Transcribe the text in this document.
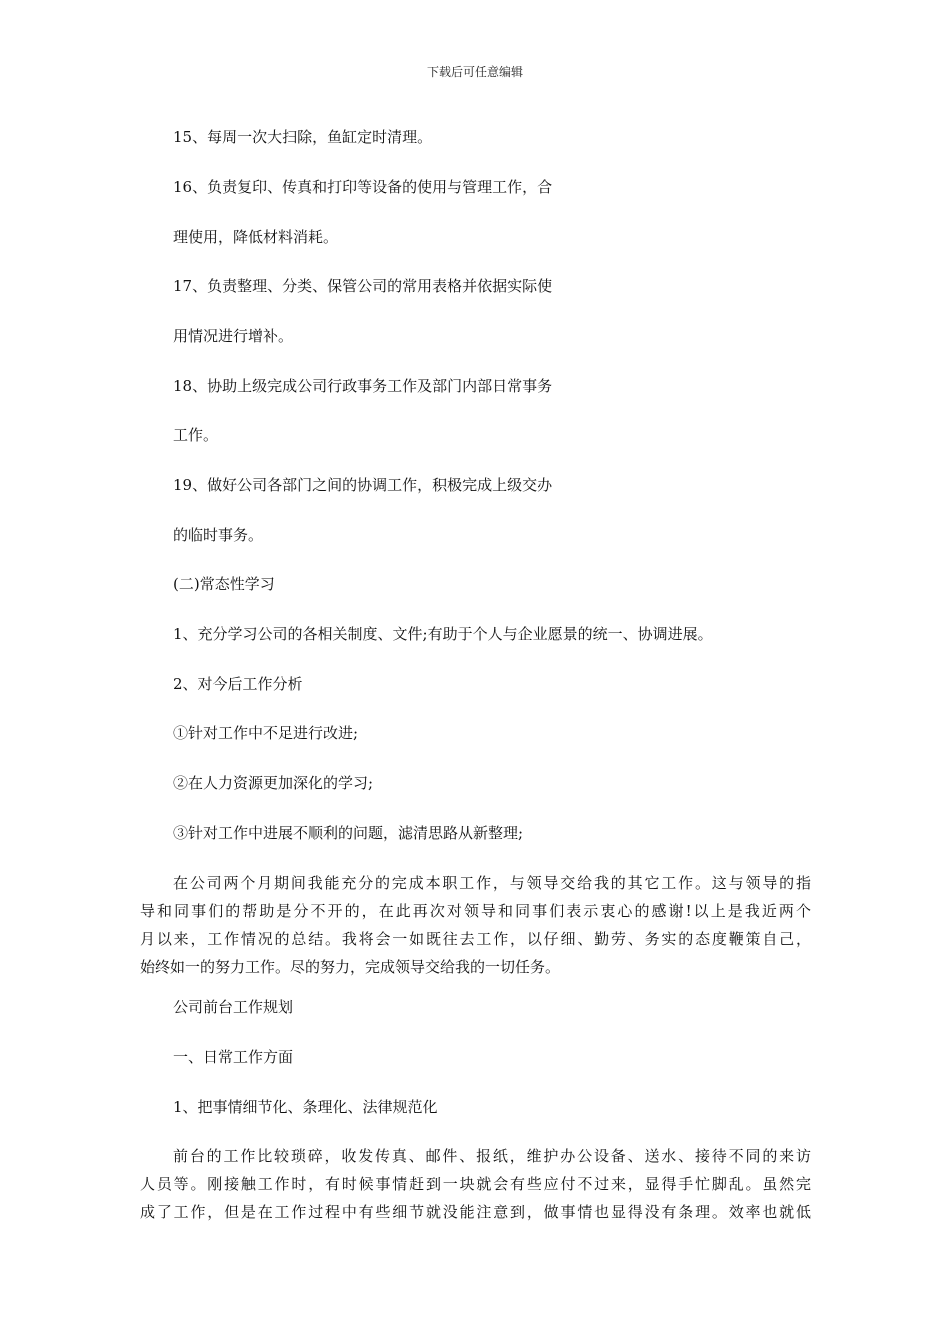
下载后可任意编辑
15、每周一次大扫除，鱼缸定时清理。
16、负责复印、传真和打印等设备的使用与管理工作，合
理使用，降低材料消耗。
17、负责整理、分类、保管公司的常用表格并依据实际使
用情况进行增补。
18、协助上级完成公司行政事务工作及部门内部日常事务
工作。
19、做好公司各部门之间的协调工作，积极完成上级交办
的临时事务。
(二)常态性学习
1、充分学习公司的各相关制度、文件;有助于个人与企业愿景的统一、协调进展。
2、对今后工作分析
①针对工作中不足进行改进;
②在人力资源更加深化的学习;
③针对工作中进展不顺利的问题，滤清思路从新整理;
在公司两个月期间我能充分的完成本职工作，与领导交给我的其它工作。这与领导的指
导和同事们的帮助是分不开的，在此再次对领导和同事们表示衷心的感谢!以上是我近两个
月以来，工作情况的总结。我将会一如既往去工作，以仔细、勤劳、务实的态度鞭策自己，
始终如一的努力工作。尽的努力，完成领导交给我的一切任务。
公司前台工作规划
一、日常工作方面
1、把事情细节化、条理化、法律规范化
前台的工作比较琐碎，收发传真、邮件、报纸，维护办公设备、送水、接待不同的来访
人员等。刚接触工作时，有时候事情赶到一块就会有些应付不过来，显得手忙脚乱。虽然完
成了工作，但是在工作过程中有些细节就没能注意到，做事情也显得没有条理。效率也就低
